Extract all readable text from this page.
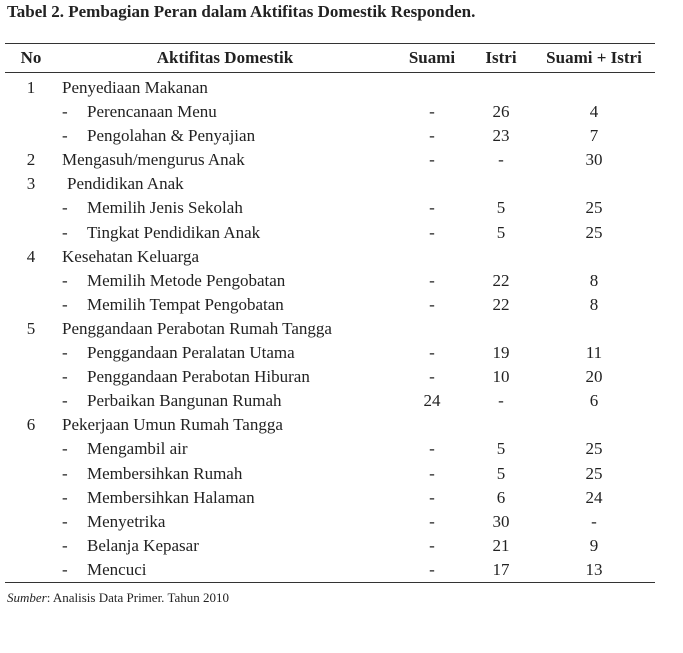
Tabel 2. Pembagian Peran dalam Aktifitas Domestik Responden.
No	Aktifitas Domestik	Suami	Istri	Suami + Istri
1	Penyediaan Makanan
- Perencanaan Menu	-	26	4
- Pengolahan & Penyajian	-	23	7
2	Mengasuh/mengurus Anak	-	-	30
3	Pendidikan Anak
- Memilih Jenis Sekolah	-	5	25
- Tingkat Pendidikan Anak	-	5	25
4	Kesehatan Keluarga
- Memilih Metode Pengobatan	-	22	8
- Memilih Tempat Pengobatan	-	22	8
5	Penggandaan Perabotan Rumah Tangga
- Penggandaan Peralatan Utama	-	19	11
- Penggandaan Perabotan Hiburan	-	10	20
- Perbaikan Bangunan Rumah	24	-	6
6	Pekerjaan Umun Rumah Tangga
- Mengambil air	-	5	25
- Membersihkan Rumah	-	5	25
- Membersihkan Halaman	-	6	24
- Menyetrika	-	30	-
- Belanja Kepasar	-	21	9
- Mencuci	-	17	13
Sumber: Analisis Data Primer. Tahun 2010
